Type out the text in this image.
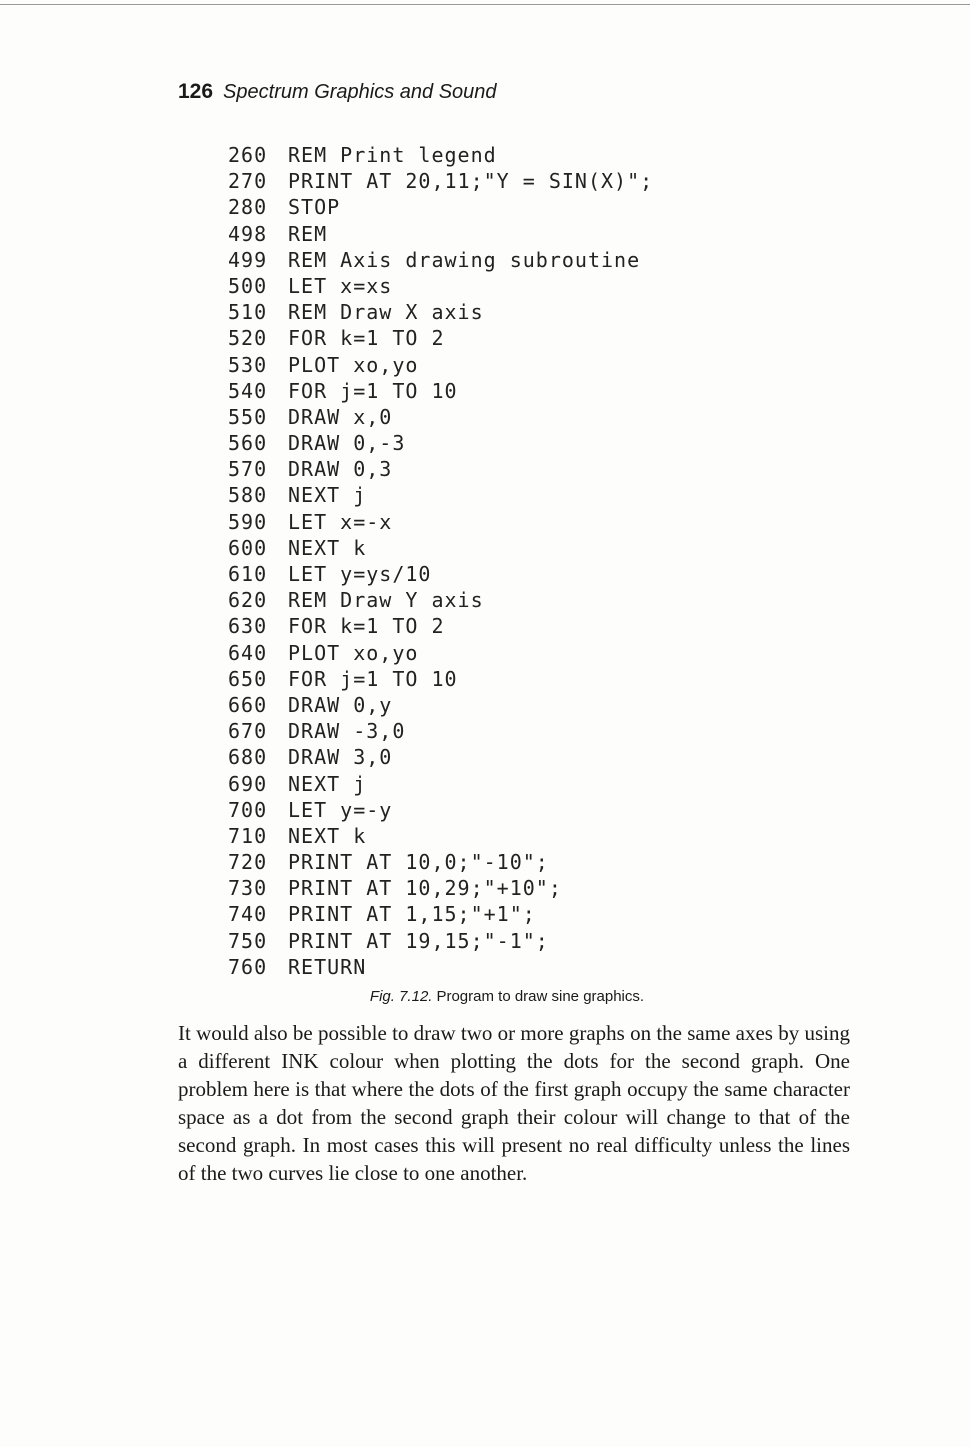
126 Spectrum Graphics and Sound
260 REM Print legend
270 PRINT AT 20,11;"Y = SIN(X)";
280 STOP
498 REM
499 REM Axis drawing subroutine
500 LET x=xs
510 REM Draw X axis
520 FOR k=1 TO 2
530 PLOT xo,yo
540 FOR j=1 TO 10
550 DRAW x,0
560 DRAW 0,-3
570 DRAW 0,3
580 NEXT j
590 LET x=-x
600 NEXT k
610 LET y=ys/10
620 REM Draw Y axis
630 FOR k=1 TO 2
640 PLOT xo,yo
650 FOR j=1 TO 10
660 DRAW 0,y
670 DRAW -3,0
680 DRAW 3,0
690 NEXT j
700 LET y=-y
710 NEXT k
720 PRINT AT 10,0;"-10";
730 PRINT AT 10,29;"+10";
740 PRINT AT 1,15;"+1";
750 PRINT AT 19,15;"-1";
760 RETURN
Fig. 7.12. Program to draw sine graphics.
It would also be possible to draw two or more graphs on the same axes by using a different INK colour when plotting the dots for the second graph. One problem here is that where the dots of the first graph occupy the same character space as a dot from the second graph their colour will change to that of the second graph. In most cases this will present no real difficulty unless the lines of the two curves lie close to one another.
